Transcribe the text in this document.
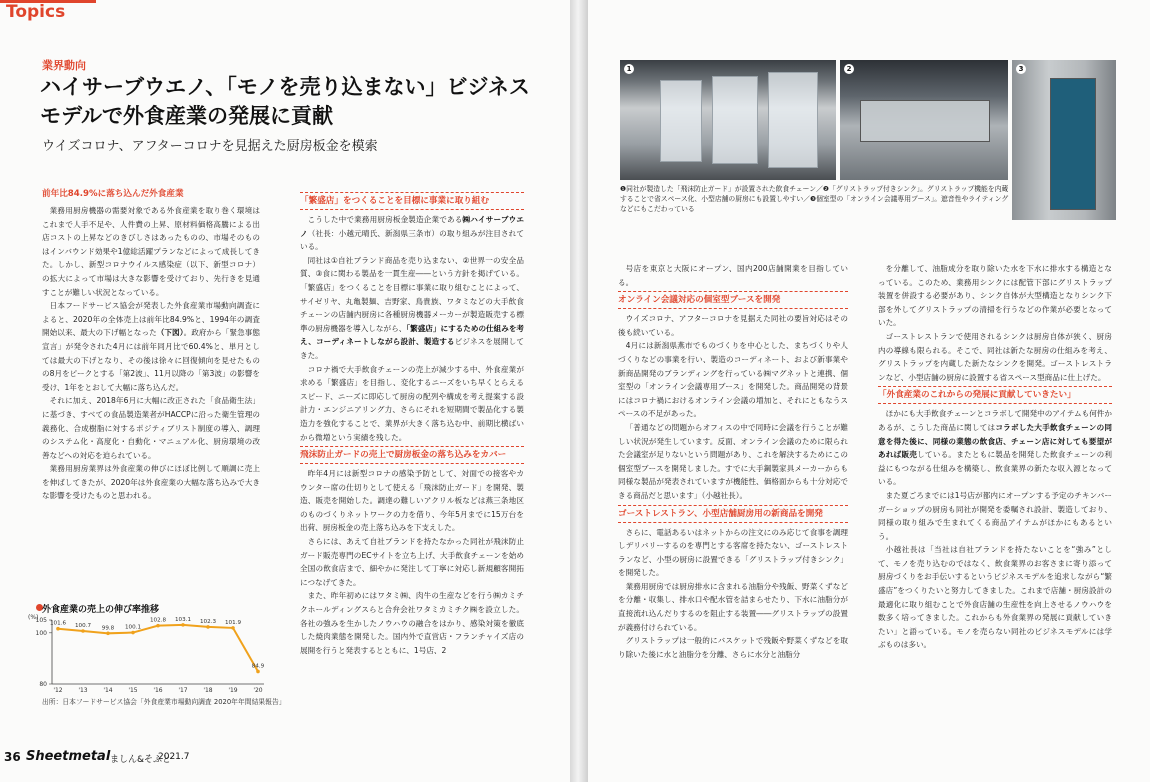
Topics
業界動向
ハイサーブウエノ、「モノを売り込まない」ビジネス
モデルで外食産業の発展に貢献
ウイズコロナ、アフターコロナを見据えた厨房板金を模索
前年比84.9%に落ち込んだ外食産業

業務用厨房機器の需要対象である外食産業を取り巻く環境はこれまで人手不足や、人件費の上昇、原材料価格高騰による出店コストの上昇などのきびしさはあったものの、市場そのものはインバウンド効果や1億総活躍プランなどによって成長してきた。しかし、新型コロナウイルス感染症（以下、新型コロナ）の拡大によって市場は大きな影響を受けており、先行きを見通すことが難しい状況となっている。

日本フードサービス協会が発表した外食産業市場動向調査によると、2020年の全体売上は前年比84.9%と、1994年の調査開始以来、最大の下げ幅となった（下図）。政府から「緊急事態宣言」が発令された4月には前年同月比で60.4%と、単月としては最大の下げとなり、その後は徐々に回復傾向を見せたものの8月をピークとする「第2波」、11月以降の「第3波」の影響を受け、1年をとおして大幅に落ち込んだ。

それに加え、2018年6月に大幅に改正された「食品衛生法」に基づき、すべての食品製造業者がHACCPに沿った衛生管理の義務化、合成樹脂に対するポジティブリスト制度の導入、調理のシステム化・高度化・自動化・マニュアル化、厨房環境の改善などへの対応を迫られている。

業務用厨房業界は外食産業の伸びにほぼ比例して順調に売上を伸ばしてきたが、2020年は外食産業の大幅な落ち込みで大きな影響を受けたものと思われる。

外食産業の売上の伸び率推移
(%)
80
100
105 101.6
'12
100.7
'13
99.8
'14
100.1
'15
102.8
'16
103.1
'17
102.3
'18
101.9
'19
84.9
'20
出所：日本フードサービス協会「外食産業市場動向調査 2020年年間結果報告」
「繁盛店」をつくることを目標に事業に取り組む

こうした中で業務用厨房板金製造企業である㈱ハイサーブウエノ（社長：小越元晴氏、新潟県三条市）の取り組みが注目されている。

同社は①自社ブランド商品を売り込まない、②世界一の安全品質、③食に関わる製品を一貫生産――という方針を掲げている。「繁盛店」をつくることを目標に事業に取り組むことによって、サイゼリヤ、丸亀製麺、吉野家、鳥貴族、ワタミなどの大手飲食チェーンの店舗内厨房に各種厨房機器メーカーが製造販売する標準の厨房機器を導入しながら、「繁盛店」にするための仕組みを考え、コーディネートしながら設計、製造するビジネスを展開してきた。

コロナ禍で大手飲食チェーンの売上が減少する中、外食産業が求める「繁盛店」を目指し、変化するニーズをいち早くとらえるスピード、ニーズに即応して厨房の配列や構成を考え提案する設計力・エンジニアリング力、さらにそれを短期間で製品化する製造力を強化することで、業界が大きく落ち込む中、前期比横ばいから微増という実績を残した。

飛沫防止ガードの売上で厨房板金の落ち込みをカバー

昨年4月には新型コロナの感染予防として、対面での接客やカウンター席の仕切りとして使える「飛沫防止ガード」を開発、製造、販売を開始した。調達の難しいアクリル板などは燕三条地区のものづくりネットワークの力を借り、今年5月までに15万台を出荷、厨房板金の売上落ち込みを下支えした。

さらには、あえて自社ブランドを持たなかった同社が飛沫防止ガード販売専門のECサイトを立ち上げ、大手飲食チェーンを始め全国の飲食店まで、細やかに発注して丁寧に対応し新規顧客開拓につなげてきた。

また、昨年初めにはワタミ㈱、肉牛の生産などを行う㈱カミチクホールディングスらと合弁会社ワタミカミチク㈱を設立した。各社の強みを生かしたノウハウの融合をはかり、感染対策を徹底した焼肉業態を開発した。国内外で直営店・フランチャイズ店の展開を行うと発表するとともに、1号店、2

36 Sheetmetal ましん&そふと
2021.7
1	2	3
❶同社が製造した「飛沫防止ガード」が設置された飲食チェーン／❷「グリストラップ付きシンク」。グリストラップ機能を内蔵することで省スペース化、小型店舗の厨房にも設置しやすい／❸個室型の「オンライン会議専用ブース」。遮音性やライティングなどにもこだわっている

号店を東京と大阪にオープン、国内200店舗開業を目指している。

オンライン会議対応の個室型ブースを開発

ウイズコロナ、アフターコロナを見据えた同社の要旨対応はその後も続いている。

4月には新潟県燕市でものづくりを中心とした、まちづくりや人づくりなどの事業を行い、製造のコーディネート、および新事業や新商品開発のブランディングを行っている㈱マグネットと連携、個室型の「オンライン会議専用ブース」を開発した。商品開発の背景にはコロナ禍におけるオンライン会議の増加と、それにともなうスペースの不足があった。

「普通などの問題からオフィスの中で同時に会議を行うことが難しい状況が発生しています。反面、オンライン会議のために限られた会議室が足りないという問題があり、これを解決するためにこの個室型ブースを開発しました。すでに大手鋼製家具メーカーからも同様な製品が発表されていますが機能性、価格面からも十分対応できる商品だと思います」（小越社長）。

ゴーストレストラン、小型店舗厨房用の新商品を開発

さらに、電話あるいはネットからの注文にのみ応じて食事を調理しデリバリーするのを専門とする客席を持たない、ゴーストレストランなど、小型の厨房に設置できる「グリストラップ付きシンク」を開発した。

業務用厨房では厨房排水に含まれる油脂分や残飯、野菜くずなどを分離・収集し、排水口や配水管を詰まらせたり、下水に油脂分が直接流れ込んだりするのを阻止する装置――グリストラップの設置が義務付けられている。

グリストラップは一般的にバスケットで残飯や野菜くずなどを取り除いた後に水と油脂分を分離、さらに水分と油脂分

を分離して、油脂成分を取り除いた水を下水に排水する構造となっている。このため、業務用シンクには配管下部にグリストラップ装置を併設する必要があり、シンク自体が大型構造となりシンク下部を外してグリストラップの清掃を行うなどの作業が必要となっていた。

ゴーストレストランで使用されるシンクは厨房自体が狭く、厨房内の導線も限られる。そこで、同社は新たな厨房の仕組みを考え、グリストラップを内蔵した新たなシンクを開発。ゴーストレストランなど、小型店舗の厨房に設置する省スペース型商品に仕上げた。

「外食産業のこれからの発展に貢献していきたい」

ほかにも大手飲食チェーンとコラボして開発中のアイテムも何件かあるが、こうした商品に関してはコラボした大手飲食チェーンの同意を得た後に、同様の業態の飲食店、チェーン店に対しても要望があれば販売している。またともに製品を開発した飲食チェーンの利益にもつながる仕組みを構築し、飲食業界の新たな収入源となっている。

また夏ごろまでには1号店が都内にオープンする予定のチキンバーガーショップの厨房も同社が開発を委嘱され設計、製造しており、同様の取り組みで生まれてくる商品アイテムがほかにもあるという。

小越社長は「当社は自社ブランドを持たないことを“強み”として、モノを売り込むのではなく、飲食業界のお客さまに寄り添って厨房づくりをお手伝いするというビジネスモデルを追求しながら“繁盛店”をつくりたいと努力してきました。これまで店舗・厨房設計の最適化に取り組むことで外食店舗の生産性を向上させるノウハウを数多く培ってきました。これからも外食業界の発展に貢献していきたい」と語っている。モノを売らない同社のビジネスモデルには学ぶものは多い。
